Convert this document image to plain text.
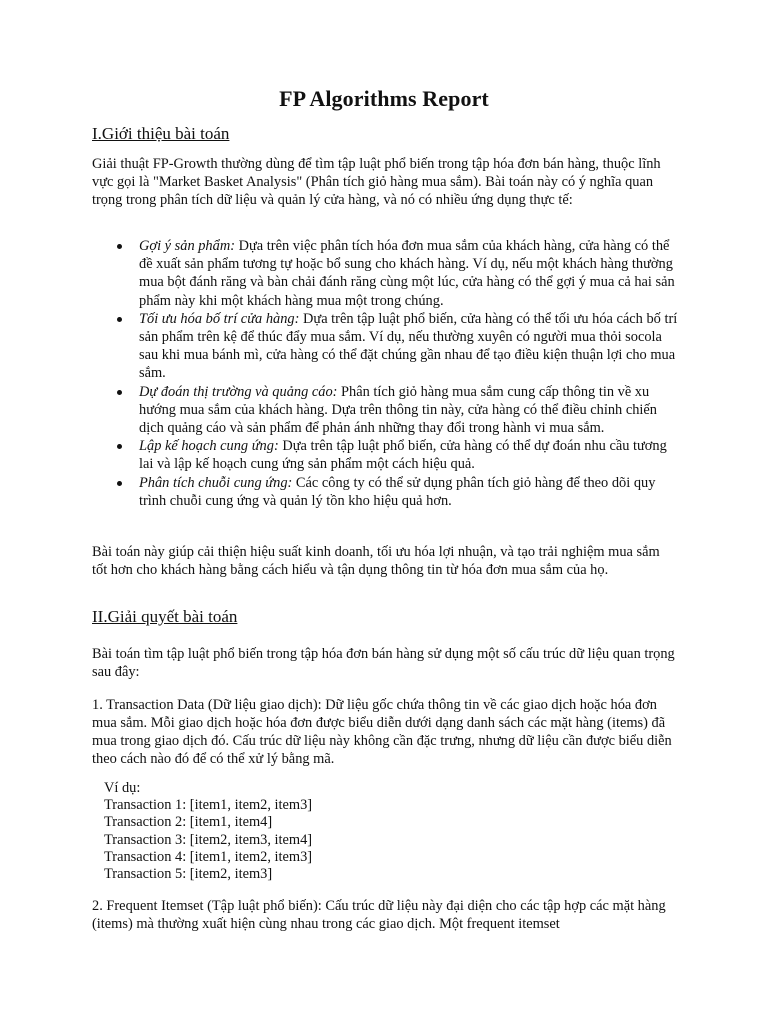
FP Algorithms Report
I.Giới thiệu bài toán
Giải thuật FP-Growth thường dùng để tìm tập luật phổ biến trong tập hóa đơn bán hàng, thuộc lĩnh vực gọi là "Market Basket Analysis" (Phân tích giỏ hàng mua sắm). Bài toán này có ý nghĩa quan trọng trong phân tích dữ liệu và quản lý cửa hàng, và nó có nhiều ứng dụng thực tế:
Gợi ý sản phẩm: Dựa trên việc phân tích hóa đơn mua sắm của khách hàng, cửa hàng có thể đề xuất sản phẩm tương tự hoặc bổ sung cho khách hàng. Ví dụ, nếu một khách hàng thường mua bột đánh răng và bàn chải đánh răng cùng một lúc, cửa hàng có thể gợi ý mua cả hai sản phẩm này khi một khách hàng mua một trong chúng.
Tối ưu hóa bố trí cửa hàng: Dựa trên tập luật phổ biến, cửa hàng có thể tối ưu hóa cách bố trí sản phẩm trên kệ để thúc đẩy mua sắm. Ví dụ, nếu thường xuyên có người mua thỏi socola sau khi mua bánh mì, cửa hàng có thể đặt chúng gần nhau để tạo điều kiện thuận lợi cho mua sắm.
Dự đoán thị trường và quảng cáo: Phân tích giỏ hàng mua sắm cung cấp thông tin về xu hướng mua sắm của khách hàng. Dựa trên thông tin này, cửa hàng có thể điều chỉnh chiến dịch quảng cáo và sản phẩm để phản ánh những thay đổi trong hành vi mua sắm.
Lập kế hoạch cung ứng: Dựa trên tập luật phổ biến, cửa hàng có thể dự đoán nhu cầu tương lai và lập kế hoạch cung ứng sản phẩm một cách hiệu quả.
Phân tích chuỗi cung ứng: Các công ty có thể sử dụng phân tích giỏ hàng để theo dõi quy trình chuỗi cung ứng và quản lý tồn kho hiệu quả hơn.
Bài toán này giúp cải thiện hiệu suất kinh doanh, tối ưu hóa lợi nhuận, và tạo trải nghiệm mua sắm tốt hơn cho khách hàng bằng cách hiểu và tận dụng thông tin từ hóa đơn mua sắm của họ.
II.Giải quyết bài toán
Bài toán tìm tập luật phổ biến trong tập hóa đơn bán hàng sử dụng một số cấu trúc dữ liệu quan trọng sau đây:
1. Transaction Data (Dữ liệu giao dịch): Dữ liệu gốc chứa thông tin về các giao dịch hoặc hóa đơn mua sắm. Mỗi giao dịch hoặc hóa đơn được biểu diễn dưới dạng danh sách các mặt hàng (items) đã mua trong giao dịch đó. Cấu trúc dữ liệu này không cần đặc trưng, nhưng dữ liệu cần được biểu diễn theo cách nào đó để có thể xử lý bằng mã.
Ví dụ:
Transaction 1: [item1, item2, item3]
Transaction 2: [item1, item4]
Transaction 3: [item2, item3, item4]
Transaction 4: [item1, item2, item3]
Transaction 5: [item2, item3]
2. Frequent Itemset (Tập luật phổ biến): Cấu trúc dữ liệu này đại diện cho các tập hợp các mặt hàng (items) mà thường xuất hiện cùng nhau trong các giao dịch. Một frequent itemset
